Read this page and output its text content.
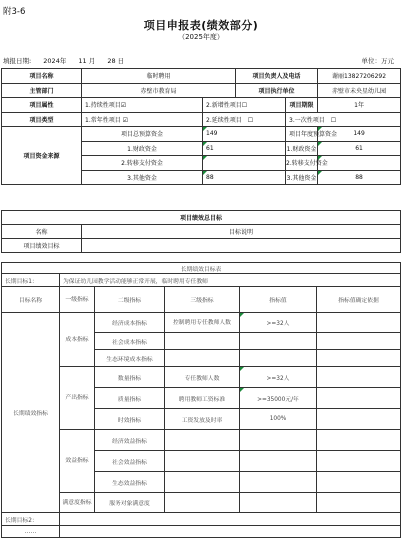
附3-6
项目申报表(绩效部分)
（2025年度）
填报日期: 2024年 11 月 28 日	单位：万元
项目名称	临时聘用		项目负责人及电话		谢丽13827206292
主管部门	赤壁市教育局		项目执行单位		赤壁市未央星幼儿园
项目属性	1.持续性项目☑	2.新增性项目☐		项目期限	1年
项目类型	1.常年性项目 ☑	2.延续性项目　☐		3.一次性项目　☐	
项目资金来源	项目总预算资金	149		项目年度预算资金	149
	1.财政资金	61		1.财政资金	61
	2.转移支付资金			2.转移支付资金	
	3.其他资金	88		3.其他资金	88
项目绩效总目标	
名称	目标说明
项目绩效目标	
长期绩效目标表					
长期目标1：	为保证幼儿园教学活动能够正常开展，临时聘用专任教师				
目标名称	一级指标	二级指标	三级指标	指标值	指标值确定依据
长期绩效指标	成本指标	经济成本指标	控制聘用专任教师人数	>=32人	
		社会成本指标			
		生态环境成本指标			
	产出指标	数量指标	专任教师人数	>=32人	
		质量指标	聘用教师工资标准	>=35000元/年	
		时效指标	工资发放及时率	100%	
	效益指标	经济效益指标			
		社会效益指标			
		生态效益指标			
	满意度指标	服务对象满意度			
长期目标2：					
……					
